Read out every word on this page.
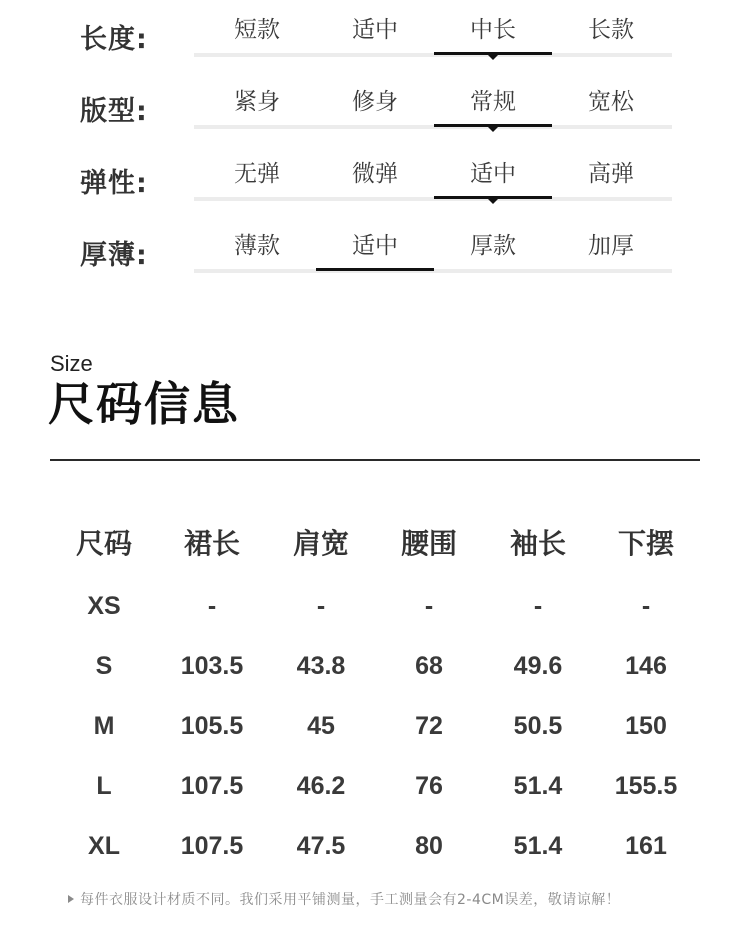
长度:	短款	适中	中长	长款
版型:	紧身	修身	常规	宽松
弹性:	无弹	微弹	适中	高弹
厚薄:	薄款	适中	厚款	加厚
Size
尺码信息
尺码 裙长 肩宽 腰围 袖长 下摆
XS	-	-	-	-	-
S	103.5 43.8	68	49.6	146
M	105.5	45	72	50.5	150
L	107.5 46.2	76	51.4 155.5
XL 107.5 47.5	80	51.4	161
每件衣服设计材质不同。我们采用平铺测量，手工测量会有2-4CM误差，敬请谅解！
